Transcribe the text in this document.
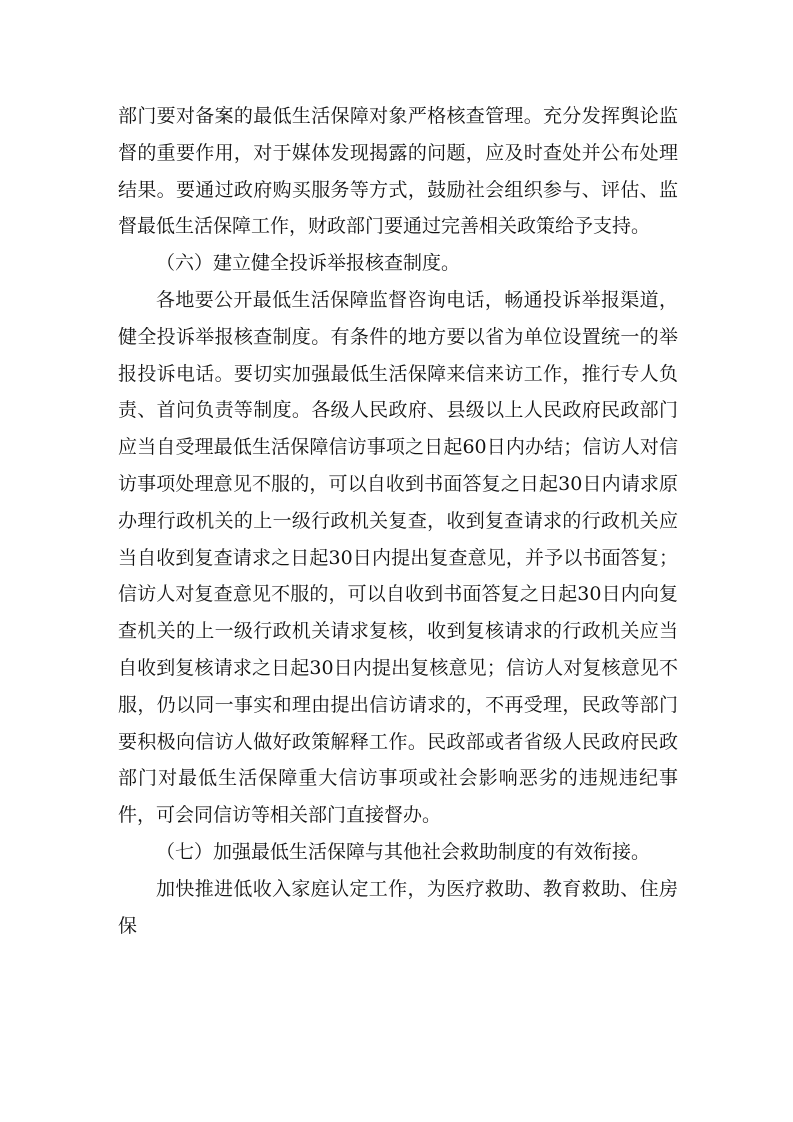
部门要对备案的最低生活保障对象严格核查管理。充分发挥舆论监督的重要作用，对于媒体发现揭露的问题，应及时查处并公布处理结果。要通过政府购买服务等方式，鼓励社会组织参与、评估、监督最低生活保障工作，财政部门要通过完善相关政策给予支持。

（六）建立健全投诉举报核查制度。

各地要公开最低生活保障监督咨询电话，畅通投诉举报渠道，健全投诉举报核查制度。有条件的地方要以省为单位设置统一的举报投诉电话。要切实加强最低生活保障来信来访工作，推行专人负责、首问负责等制度。各级人民政府、县级以上人民政府民政部门应当自受理最低生活保障信访事项之日起60日内办结；信访人对信访事项处理意见不服的，可以自收到书面答复之日起30日内请求原办理行政机关的上一级行政机关复查，收到复查请求的行政机关应当自收到复查请求之日起30日内提出复查意见，并予以书面答复；信访人对复查意见不服的，可以自收到书面答复之日起30日内向复查机关的上一级行政机关请求复核，收到复核请求的行政机关应当自收到复核请求之日起30日内提出复核意见；信访人对复核意见不服，仍以同一事实和理由提出信访请求的，不再受理，民政等部门要积极向信访人做好政策解释工作。民政部或者省级人民政府民政部门对最低生活保障重大信访事项或社会影响恶劣的违规违纪事件，可会同信访等相关部门直接督办。

（七）加强最低生活保障与其他社会救助制度的有效衔接。

加快推进低收入家庭认定工作，为医疗救助、教育救助、住房保
